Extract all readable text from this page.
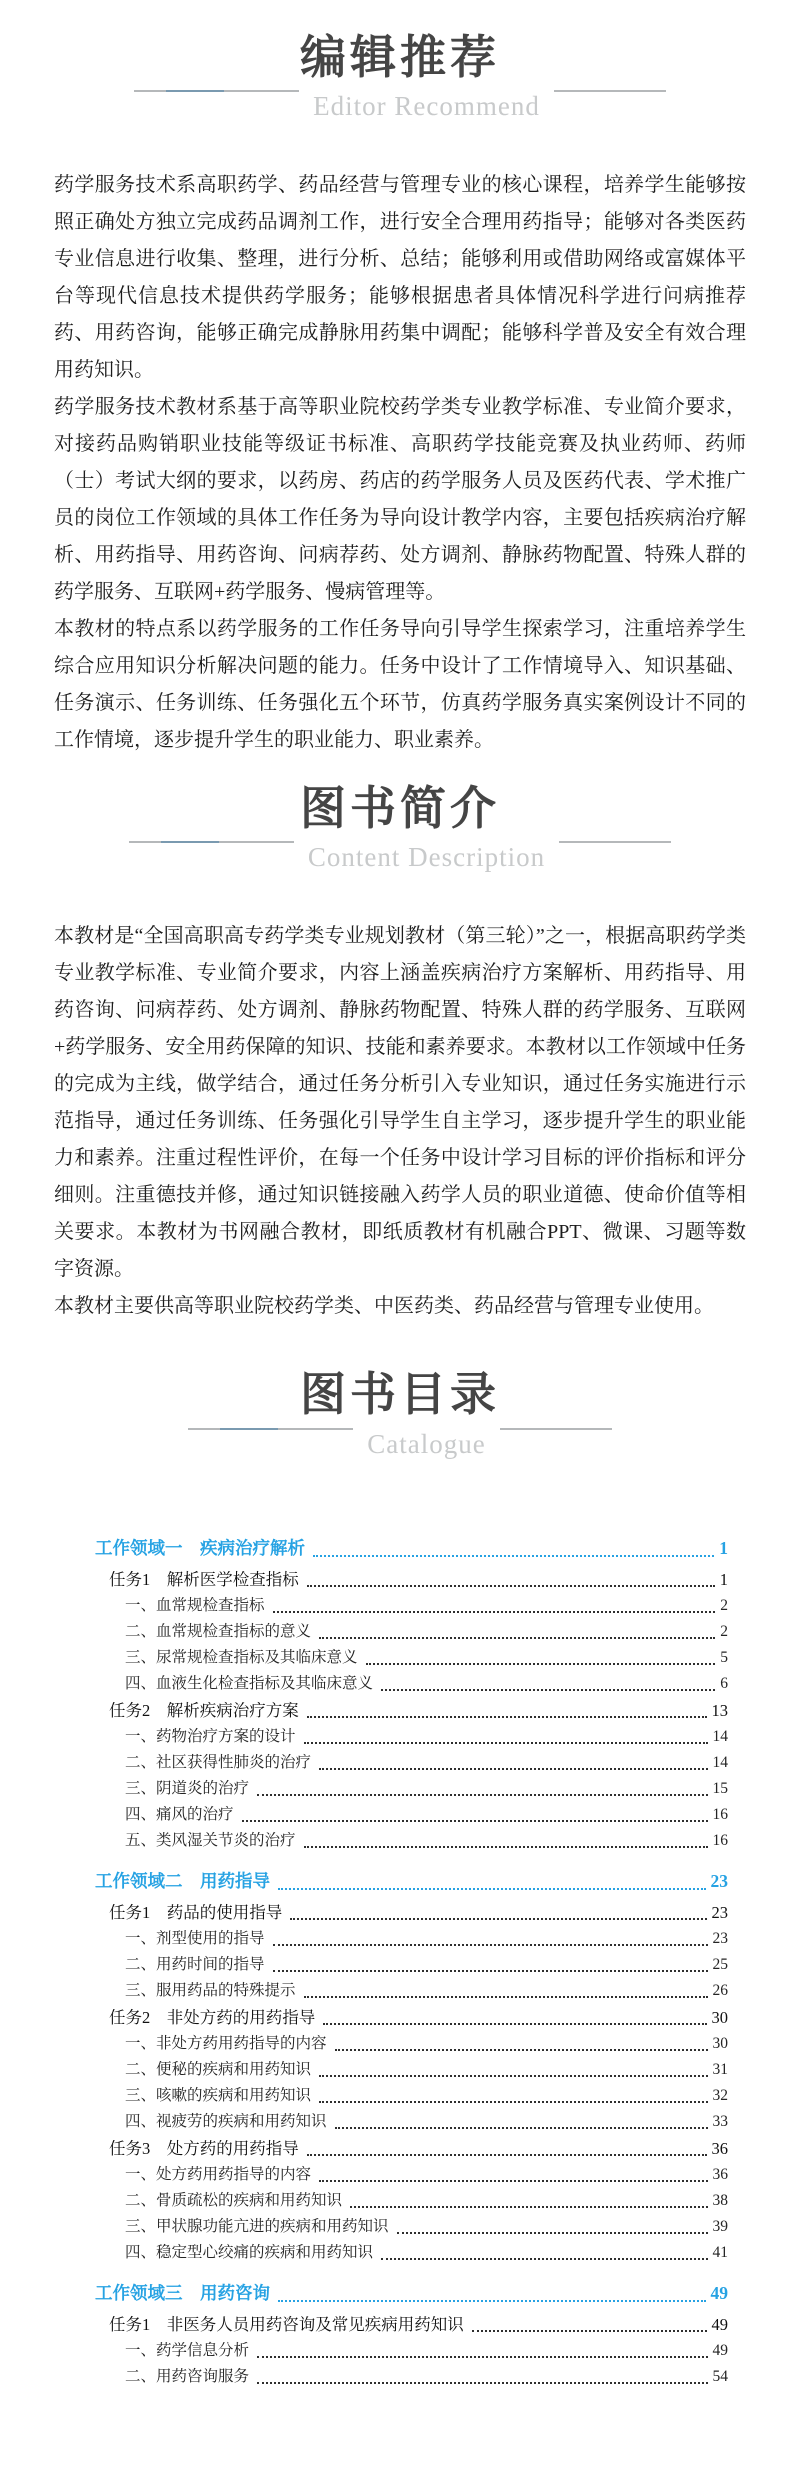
编辑推荐
Editor Recommend

药学服务技术系高职药学、药品经营与管理专业的核心课程，培养学生能够按照正确处方独立完成药品调剂工作，进行安全合理用药指导；能够对各类医药专业信息进行收集、整理，进行分析、总结；能够利用或借助网络或富媒体平台等现代信息技术提供药学服务；能够根据患者具体情况科学进行问病推荐药、用药咨询，能够正确完成静脉用药集中调配；能够科学普及安全有效合理用药知识。

药学服务技术教材系基于高等职业院校药学类专业教学标准、专业简介要求，对接药品购销职业技能等级证书标准、高职药学技能竞赛及执业药师、药师（士）考试大纲的要求，以药房、药店的药学服务人员及医药代表、学术推广员的岗位工作领域的具体工作任务为导向设计教学内容，主要包括疾病治疗解析、用药指导、用药咨询、问病荐药、处方调剂、静脉药物配置、特殊人群的药学服务、互联网+药学服务、慢病管理等。

本教材的特点系以药学服务的工作任务导向引导学生探索学习，注重培养学生综合应用知识分析解决问题的能力。任务中设计了工作情境导入、知识基础、任务演示、任务训练、任务强化五个环节，仿真药学服务真实案例设计不同的工作情境，逐步提升学生的职业能力、职业素养。

图书简介
Content Description

本教材是“全国高职高专药学类专业规划教材（第三轮）”之一，根据高职药学类专业教学标准、专业简介要求，内容上涵盖疾病治疗方案解析、用药指导、用药咨询、问病荐药、处方调剂、静脉药物配置、特殊人群的药学服务、互联网+药学服务、安全用药保障的知识、技能和素养要求。本教材以工作领域中任务的完成为主线，做学结合，通过任务分析引入专业知识，通过任务实施进行示范指导，通过任务训练、任务强化引导学生自主学习，逐步提升学生的职业能力和素养。注重过程性评价，在每一个任务中设计学习目标的评价指标和评分细则。注重德技并修，通过知识链接融入药学人员的职业道德、使命价值等相关要求。本教材为书网融合教材，即纸质教材有机融合PPT、微课、习题等数字资源。

本教材主要供高等职业院校药学类、中医药类、药品经营与管理专业使用。

图书目录
Catalogue
工作领域一　疾病治疗解析	1
任务1　解析医学检查指标	1
一、血常规检查指标	2
二、血常规检查指标的意义	2
三、尿常规检查指标及其临床意义	5
四、血液生化检查指标及其临床意义	6
任务2　解析疾病治疗方案	13
一、药物治疗方案的设计	14
二、社区获得性肺炎的治疗	14
三、阴道炎的治疗	15
四、痛风的治疗	16
五、类风湿关节炎的治疗	16
工作领域二　用药指导	23
任务1　药品的使用指导	23
一、剂型使用的指导	23
二、用药时间的指导	25
三、服用药品的特殊提示	26
任务2　非处方药的用药指导	30
一、非处方药用药指导的内容	30
二、便秘的疾病和用药知识	31
三、咳嗽的疾病和用药知识	32
四、视疲劳的疾病和用药知识	33
任务3　处方药的用药指导	36
一、处方药用药指导的内容	36
二、骨质疏松的疾病和用药知识	38
三、甲状腺功能亢进的疾病和用药知识	39
四、稳定型心绞痛的疾病和用药知识	41
工作领域三　用药咨询	49
任务1　非医务人员用药咨询及常见疾病用药知识	49
一、药学信息分析	49
二、用药咨询服务	54
